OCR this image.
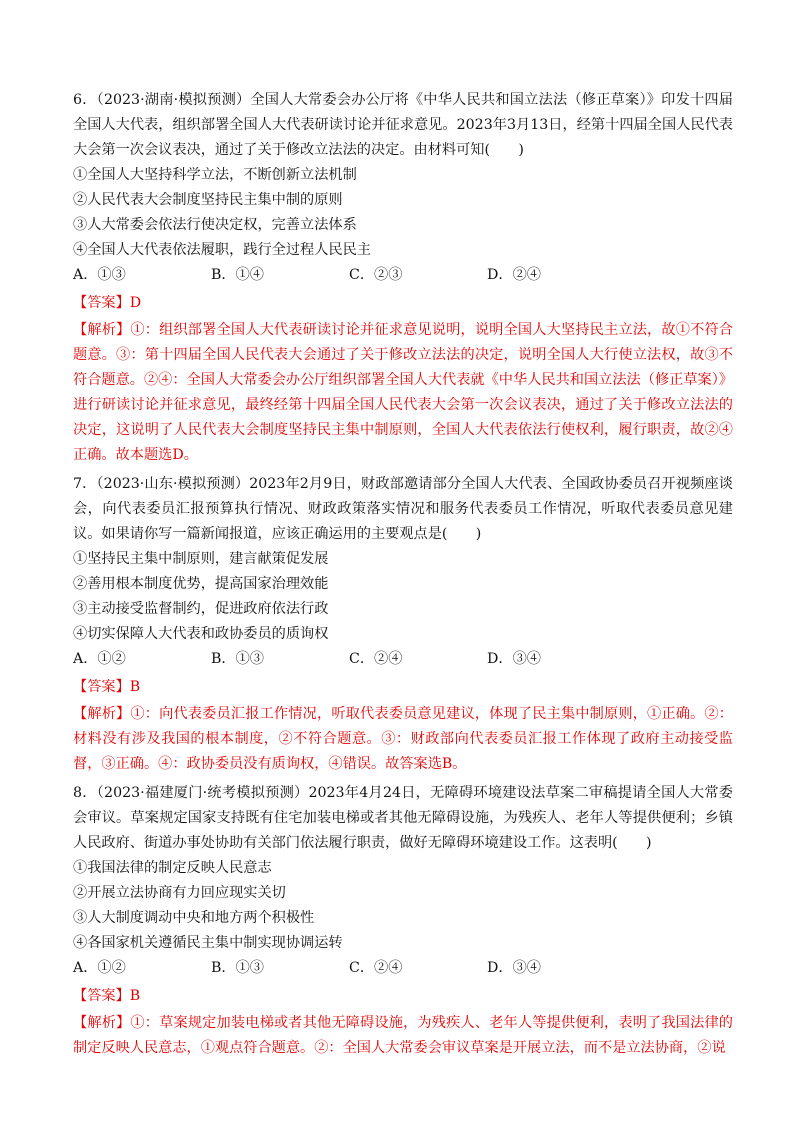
6．（2023·湖南·模拟预测）全国人大常委会办公厅将《中华人民共和国立法法（修正草案）》印发十四届全国人大代表，组织部署全国人大代表研读讨论并征求意见。2023年3月13日，经第十四届全国人民代表大会第一次会议表决，通过了关于修改立法法的决定。由材料可知(　　)

①全国人大坚持科学立法，不断创新立法机制

②人民代表大会制度坚持民主集中制的原则

③人大常委会依法行使决定权，完善立法体系

④全国人大代表依法履职，践行全过程人民民主

A．①③	B．①④	C．②③	D．②④

【答案】D

【解析】①：组织部署全国人大代表研读讨论并征求意见说明，说明全国人大坚持民主立法，故①不符合题意。③：第十四届全国人民代表大会通过了关于修改立法法的决定，说明全国人大行使立法权，故③不符合题意。②④：全国人大常委会办公厅组织部署全国人大代表就《中华人民共和国立法法（修正草案）》进行研读讨论并征求意见，最终经第十四届全国人民代表大会第一次会议表决，通过了关于修改立法法的决定，这说明了人民代表大会制度坚持民主集中制原则，全国人大代表依法行使权利，履行职责，故②④正确。故本题选D。

7．（2023·山东·模拟预测）2023年2月9日，财政部邀请部分全国人大代表、全国政协委员召开视频座谈会，向代表委员汇报预算执行情况、财政政策落实情况和服务代表委员工作情况，听取代表委员意见建议。如果请你写一篇新闻报道，应该正确运用的主要观点是(　　)

①坚持民主集中制原则，建言献策促发展

②善用根本制度优势，提高国家治理效能

③主动接受监督制约，促进政府依法行政

④切实保障人大代表和政协委员的质询权

A．①②	B．①③	C．②④	D．③④

【答案】B

【解析】①：向代表委员汇报工作情况，听取代表委员意见建议，体现了民主集中制原则，①正确。②：材料没有涉及我国的根本制度，②不符合题意。③：财政部向代表委员汇报工作体现了政府主动接受监督，③正确。④：政协委员没有质询权，④错误。故答案选B。

8．（2023·福建厦门·统考模拟预测）2023年4月24日，无障碍环境建设法草案二审稿提请全国人大常委会审议。草案规定国家支持既有住宅加装电梯或者其他无障碍设施，为残疾人、老年人等提供便利；乡镇人民政府、街道办事处协助有关部门依法履行职责，做好无障碍环境建设工作。这表明(　　)

①我国法律的制定反映人民意志

②开展立法协商有力回应现实关切

③人大制度调动中央和地方两个积极性

④各国家机关遵循民主集中制实现协调运转

A．①②	B．①③	C．②④	D．③④

【答案】B

【解析】①：草案规定加装电梯或者其他无障碍设施，为残疾人、老年人等提供便利，表明了我国法律的制定反映人民意志，①观点符合题意。②：全国人大常委会审议草案是开展立法，而不是立法协商，②说
